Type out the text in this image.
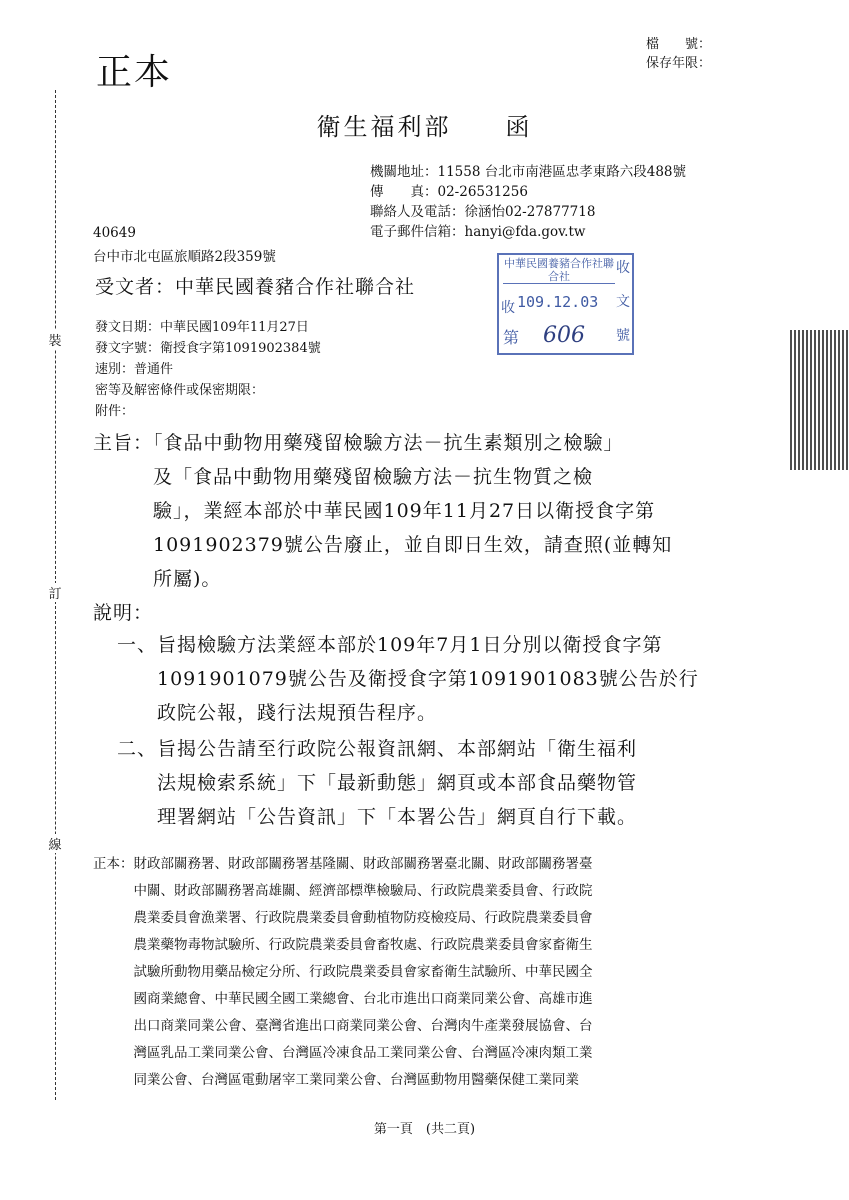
裝
訂
線
正本
檔　　號：
保存年限：
衛生福利部　　函
機關地址：11558 台北市南港區忠孝東路六段488號
傳　　真：02-26531256
聯絡人及電話：徐涵怡02-27877718
電子郵件信箱：hanyi@fda.gov.tw
40649
台中市北屯區旅順路2段359號
受文者：中華民國養豬合作社聯合社
中華民國養豬合作社聯合社
收
文
號
收 109.12.03
第 606
發文日期：中華民國109年11月27日
發文字號：衛授食字第1091902384號
速別：普通件
密等及解密條件或保密期限：
附件：
主旨：「食品中動物用藥殘留檢驗方法－抗生素類別之檢驗」
　　　及「食品中動物用藥殘留檢驗方法－抗生物質之檢
　　　驗」，業經本部於中華民國109年11月27日以衛授食字第
　　　1091902379號公告廢止，並自即日生效，請查照(並轉知
　　　所屬)。
說明：
一、旨揭檢驗方法業經本部於109年7月1日分別以衛授食字第
　　1091901079號公告及衛授食字第1091901083號公告於行
　　政院公報，踐行法規預告程序。
二、旨揭公告請至行政院公報資訊網、本部網站「衛生福利
　　法規檢索系統」下「最新動態」網頁或本部食品藥物管
　　理署網站「公告資訊」下「本署公告」網頁自行下載。
正本：財政部關務署、財政部關務署基隆關、財政部關務署臺北關、財政部關務署臺
　　　中關、財政部關務署高雄關、經濟部標準檢驗局、行政院農業委員會、行政院
　　　農業委員會漁業署、行政院農業委員會動植物防疫檢疫局、行政院農業委員會
　　　農業藥物毒物試驗所、行政院農業委員會畜牧處、行政院農業委員會家畜衛生
　　　試驗所動物用藥品檢定分所、行政院農業委員會家畜衛生試驗所、中華民國全
　　　國商業總會、中華民國全國工業總會、台北市進出口商業同業公會、高雄市進
　　　出口商業同業公會、臺灣省進出口商業同業公會、台灣肉牛產業發展協會、台
　　　灣區乳品工業同業公會、台灣區冷凍食品工業同業公會、台灣區冷凍肉類工業
　　　同業公會、台灣區電動屠宰工業同業公會、台灣區動物用醫藥保健工業同業
第一頁　(共二頁)
